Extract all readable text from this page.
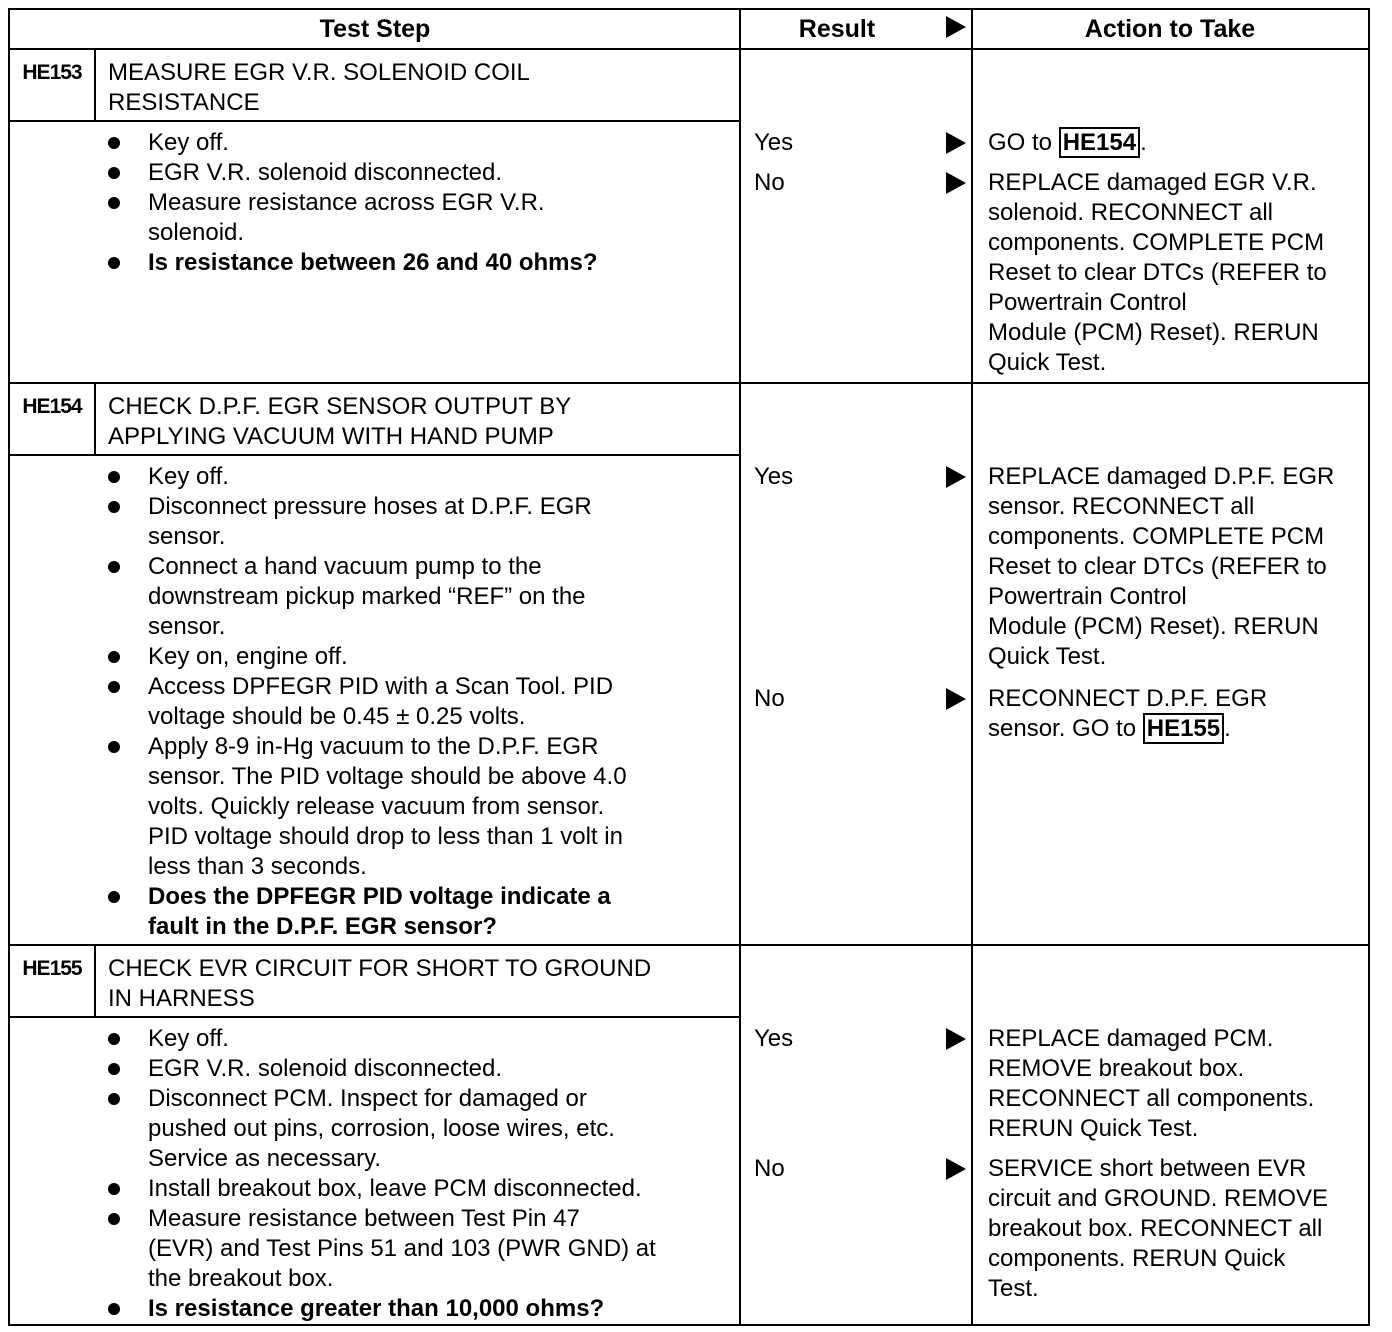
Test Step	Result	Action to Take
HE153	MEASURE EGR V.R. SOLENOID COIL
RESISTANCE
Key off.
EGR V.R. solenoid disconnected.
Measure resistance across EGR V.R.
solenoid.
Is resistance between 26 and 40 ohms?
Yes	GO to HE154 .
No	REPLACE damaged EGR V.R.
solenoid. RECONNECT all
components. COMPLETE PCM
Reset to clear DTCs (REFER to
Powertrain Control
Module (PCM) Reset). RERUN
Quick Test.
HE154	CHECK D.P.F. EGR SENSOR OUTPUT BY
APPLYING VACUUM WITH HAND PUMP
Key off.
Disconnect pressure hoses at D.P.F. EGR
sensor.
Connect a hand vacuum pump to the
downstream pickup marked “REF” on the
sensor.
Key on, engine off.
Access DPFEGR PID with a Scan Tool. PID
voltage should be 0.45 ± 0.25 volts.
Apply 8-9 in-Hg vacuum to the D.P.F. EGR
sensor. The PID voltage should be above 4.0
volts. Quickly release vacuum from sensor.
PID voltage should drop to less than 1 volt in
less than 3 seconds.
Does the DPFEGR PID voltage indicate a
fault in the D.P.F. EGR sensor?
Yes	REPLACE damaged D.P.F. EGR
sensor. RECONNECT all
components. COMPLETE PCM
Reset to clear DTCs (REFER to
Powertrain Control
Module (PCM) Reset). RERUN
Quick Test.
No	RECONNECT D.P.F. EGR
sensor. GO to HE155 .
HE155	CHECK EVR CIRCUIT FOR SHORT TO GROUND
IN HARNESS
Key off.
EGR V.R. solenoid disconnected.
Disconnect PCM. Inspect for damaged or
pushed out pins, corrosion, loose wires, etc.
Service as necessary.
Install breakout box, leave PCM disconnected.
Measure resistance between Test Pin 47
(EVR) and Test Pins 51 and 103 (PWR GND) at
the breakout box.
Is resistance greater than 10,000 ohms?
Yes	REPLACE damaged PCM.
REMOVE breakout box.
RECONNECT all components.
RERUN Quick Test.
No	SERVICE short between EVR
circuit and GROUND. REMOVE
breakout box. RECONNECT all
components. RERUN Quick
Test.
